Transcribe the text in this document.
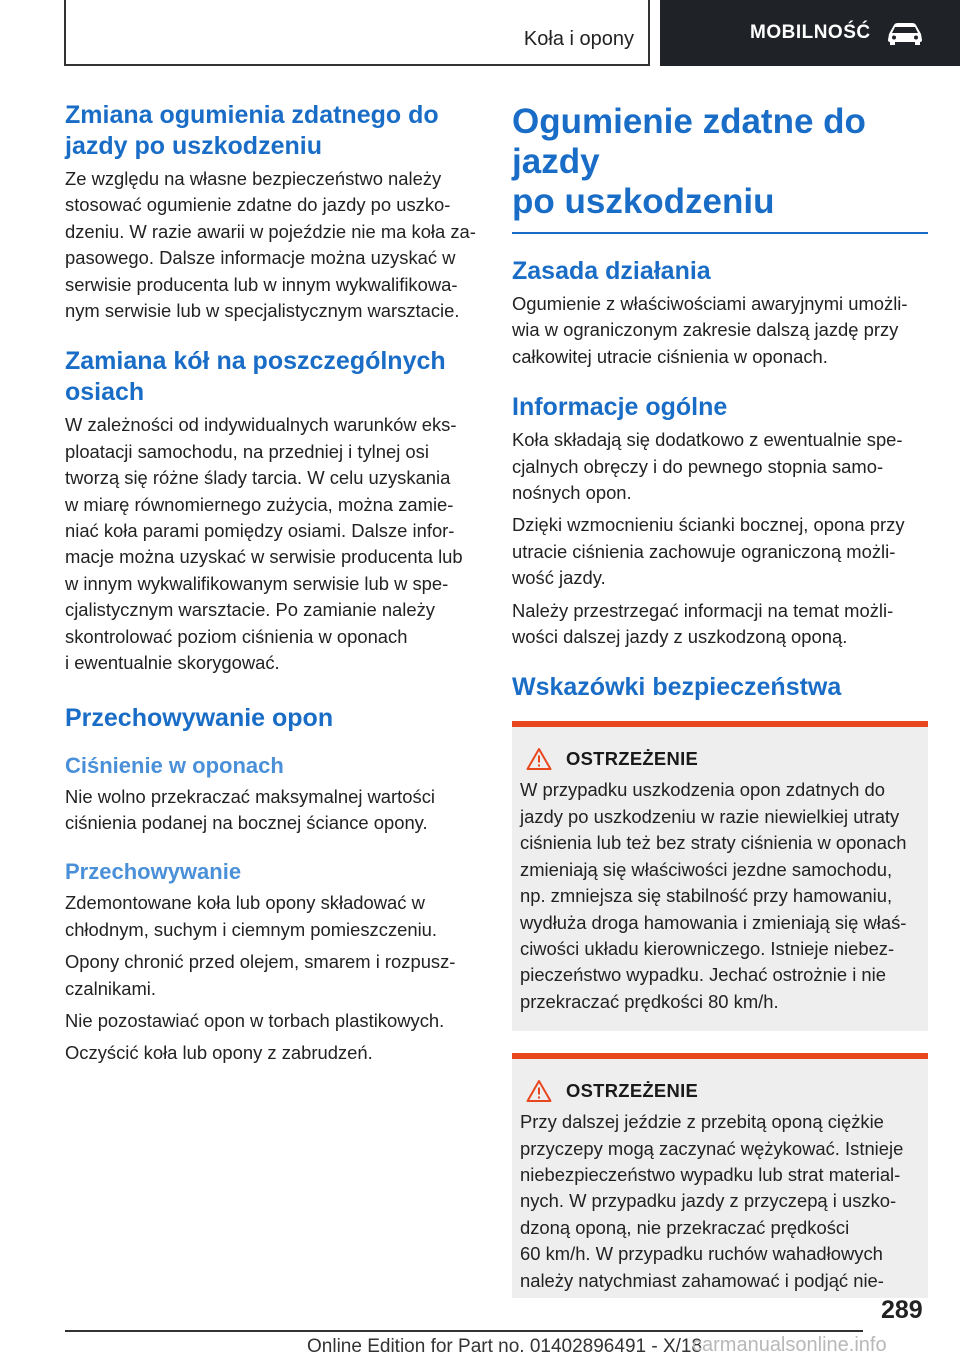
Koła i opony	MOBILNOŚĆ
Zmiana ogumienia zdatnego do
jazdy po uszkodzeniu
Ze względu na własne bezpieczeństwo należy
stosować ogumienie zdatne do jazdy po uszko-
dzeniu. W razie awarii w pojeździe nie ma koła za-
pasowego. Dalsze informacje można uzyskać w
serwisie producenta lub w innym wykwalifikowa-
nym serwisie lub w specjalistycznym warsztacie.
Zamiana kół na poszczególnych
osiach
W zależności od indywidualnych warunków eks-
ploatacji samochodu, na przedniej i tylnej osi
tworzą się różne ślady tarcia. W celu uzyskania
w miarę równomiernego zużycia, można zamie-
niać koła parami pomiędzy osiami. Dalsze infor-
macje można uzyskać w serwisie producenta lub
w innym wykwalifikowanym serwisie lub w spe-
cjalistycznym warsztacie. Po zamianie należy
skontrolować poziom ciśnienia w oponach
i ewentualnie skorygować.
Przechowywanie opon
Ciśnienie w oponach
Nie wolno przekraczać maksymalnej wartości
ciśnienia podanej na bocznej ściance opony.
Przechowywanie
Zdemontowane koła lub opony składować w
chłodnym, suchym i ciemnym pomieszczeniu.
Opony chronić przed olejem, smarem i rozpusz-
czalnikami.
Nie pozostawiać opon w torbach plastikowych.
Oczyścić koła lub opony z zabrudzeń.
Ogumienie zdatne do jazdy
po uszkodzeniu
Zasada działania
Ogumienie z właściwościami awaryjnymi umożli-
wia w ograniczonym zakresie dalszą jazdę przy
całkowitej utracie ciśnienia w oponach.
Informacje ogólne
Koła składają się dodatkowo z ewentualnie spe-
cjalnych obręczy i do pewnego stopnia samo-
nośnych opon.
Dzięki wzmocnieniu ścianki bocznej, opona przy
utracie ciśnienia zachowuje ograniczoną możli-
wość jazdy.
Należy przestrzegać informacji na temat możli-
wości dalszej jazdy z uszkodzoną oponą.
Wskazówki bezpieczeństwa
OSTRZEŻENIE
W przypadku uszkodzenia opon zdatnych do
jazdy po uszkodzeniu w razie niewielkiej utraty
ciśnienia lub też bez straty ciśnienia w oponach
zmieniają się właściwości jezdne samochodu,
np. zmniejsza się stabilność przy hamowaniu,
wydłuża droga hamowania i zmieniają się właś-
ciwości układu kierowniczego. Istnieje niebez-
pieczeństwo wypadku. Jechać ostrożnie i nie
przekraczać prędkości 80 km/h.
OSTRZEŻENIE
Przy dalszej jeździe z przebitą oponą ciężkie
przyczepy mogą zaczynać wężykować. Istnieje
niebezpieczeństwo wypadku lub strat material-
nych. W przypadku jazdy z przyczepą i uszko-
dzoną oponą, nie przekraczać prędkości
60 km/h. W przypadku ruchów wahadłowych
należy natychmiast zahamować i podjąć nie-
289
Online Edition for Part no. 01402896491 - X/18
carmanualsonline.info
